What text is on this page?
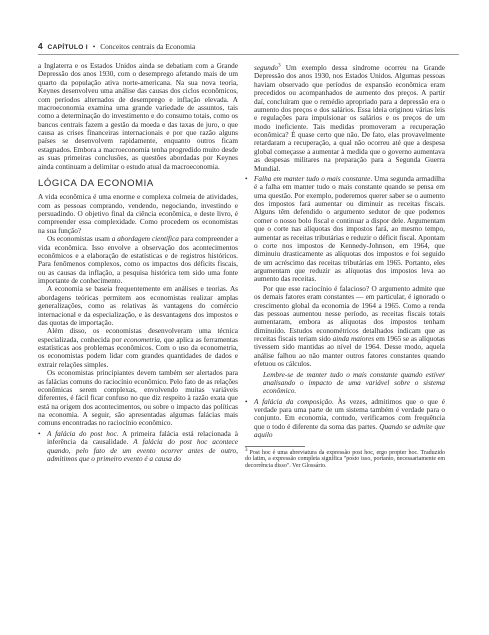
4 CAPÍTULO I • Conceitos centrais da Economia

a Inglaterra e os Estados Unidos ainda se debatiam com a Grande Depressão dos anos 1930, com o desemprego afetando mais de um quarto da população ativa norte-americana. Na sua nova teoria, Keynes desenvolveu uma análise das causas dos ciclos econômicos, com períodos alternados de desemprego e inflação elevada. A macroeconomia examina uma grande variedade de assuntos, tais como a determinação do investimento e do consumo totais, como os bancos centrais fazem a gestão da moeda e das taxas de juro, o que causa as crises financeiras internacionais e por que razão alguns países se desenvolvem rapidamente, enquanto outros ficam estagnados. Embora a macroeconomia tenha progredido muito desde as suas primeiras conclusões, as questões abordadas por Keynes ainda continuam a delimitar o estudo atual da macroeconomia.

LÓGICA DA ECONOMIA

A vida econômica é uma enorme e complexa colmeia de atividades, com as pessoas comprando, vendendo, negociando, investindo e persuadindo. O objetivo final da ciência econômica, e deste livro, é compreender essa complexidade. Como procedem os economistas na sua função?

Os economistas usam a abordagem científica para compreender a vida econômica. Isso envolve a observação dos acontecimentos econômicos e a elaboração de estatísticas e de registros históricos. Para fenômenos complexos, como os impactos dos déficits fiscais, ou as causas da inflação, a pesquisa histórica tem sido uma fonte importante de conhecimento.

A economia se baseia frequentemente em análises e teorias. As abordagens teóricas permitem aos economistas realizar amplas generalizações, como as relativas às vantagens do comércio internacional e da especialização, e às desvantagens dos impostos e das quotas de importação.

Além disso, os economistas desenvolveram uma técnica especializada, conhecida por econometria, que aplica as ferramentas estatísticas aos problemas econômicos. Com o uso da econometria, os economistas podem lidar com grandes quantidades de dados e extrair relações simples.

Os economistas principiantes devem também ser alertados para as falácias comuns do raciocínio econômico. Pelo fato de as relações econômicas serem complexas, envolvendo muitas variáveis diferentes, é fácil ficar confuso no que diz respeito à razão exata que está na origem dos acontecimentos, ou sobre o impacto das políticas na economia. A seguir, são apresentadas algumas falácias mais comuns encontradas no raciocínio econômico.

• A falácia do post hoc. A primeira falácia está relacionada à inferência da causalidade. A falácia do post hoc acontece quando, pelo fato de um evento ocorrer antes de outro, admitimos que o primeiro evento é a causa do
segundo$^3$ Um exemplo dessa síndrome ocorreu na Grande Depressão dos anos 1930, nos Estados Unidos. Algumas pessoas haviam observado que períodos de expansão econômica eram precedidos ou acompanhados de aumento dos preços. A partir daí, concluíram que o remédio apropriado para a depressão era o aumento dos preços e dos salários. Essa ideia originou várias leis e regulações para impulsionar os salários e os preços de um modo ineficiente. Tais medidas promoveram a recuperação econômica? É quase certo que não. De fato, elas provavelmente retardaram a recuperação, a qual não ocorreu até que a despesa global começasse a aumentar à medida que o governo aumentava as despesas militares na preparação para a Segunda Guerra Mundial.
• Falha em manter tudo o mais constante. Uma segunda armadilha é a falha em manter tudo o mais constante quando se pensa em uma questão. Por exemplo, poderemos querer saber se o aumento dos impostos fará aumentar ou diminuir as receitas fiscais. Alguns têm defendido o argumento sedutor de que podemos comer o nosso bolo fiscal e continuar a dispor dele. Argumentam que o corte nas alíquotas dos impostos fará, ao mesmo tempo, aumentar as receitas tributárias e reduzir o déficit fiscal. Apontam o corte nos impostos de Kennedy-Johnson, em 1964, que diminuiu drasticamente as alíquotas dos impostos e foi seguido de um acréscimo das receitas tributárias em 1965. Portanto, eles argumentam que reduzir as alíquotas dos impostos leva ao aumento das receitas.

Por que esse raciocínio é falacioso? O argumento admite que os demais fatores eram constantes — em particular, é ignorado o crescimento global da economia de 1964 a 1965. Como a renda das pessoas aumentou nesse período, as receitas fiscais totais aumentaram, embora as alíquotas dos impostos tenham diminuído. Estudos econométricos detalhados indicam que as receitas fiscais teriam sido ainda maiores em 1965 se as alíquotas tivessem sido mantidas ao nível de 1964. Desse modo, aquela análise falhou ao não manter outros fatores constantes quando efetuou os cálculos.

Lembre-se de manter tudo o mais constante quando estiver analisando o impacto de uma variável sobre o sistema econômico.

• A falácia da composição. Às vezes, admitimos que o que é verdade para uma parte de um sistema também é verdade para o conjunto. Em economia, contudo, verificamos com frequência que o todo é diferente da soma das partes. Quando se admite que aquilo

$^3$ Post hoc é uma abreviatura da expressão post hoc, ergo propter hoc. Traduzido do latim, a expressão completa significa "posto isso, portanto, necessariamente em decorrência disso". Ver Glossário.
